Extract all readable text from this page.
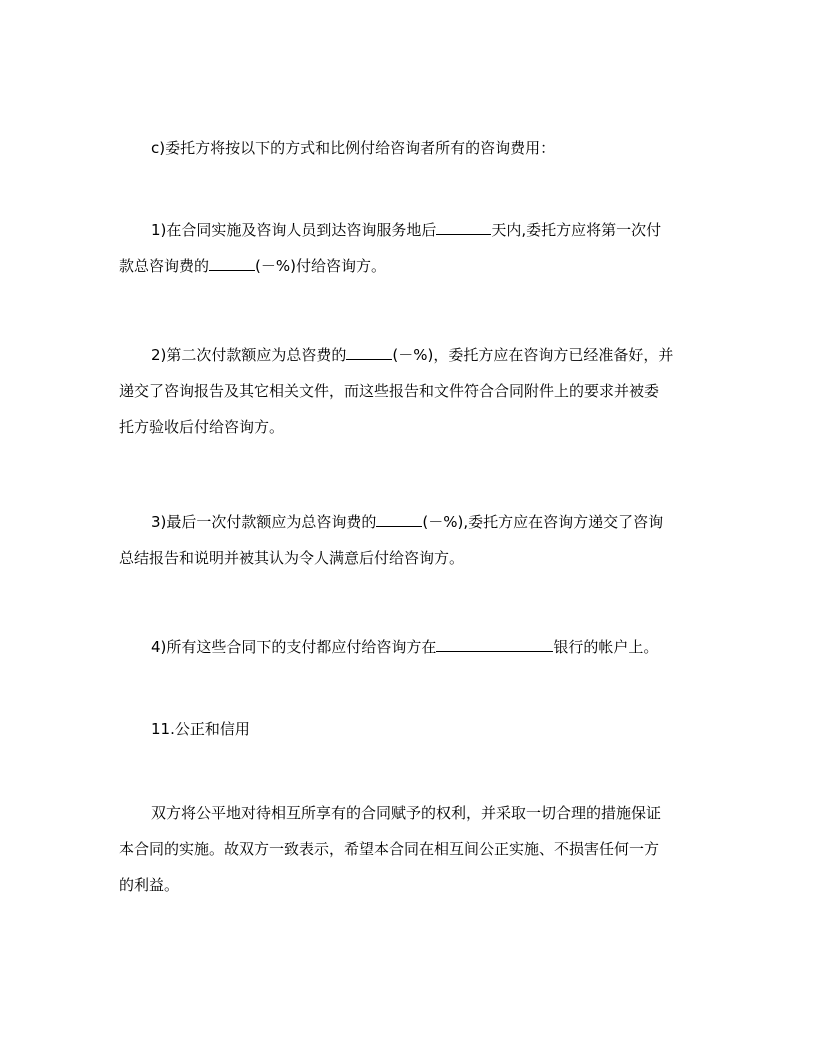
c)委托方将按以下的方式和比例付给咨询者所有的咨询费用：
1)在合同实施及咨询人员到达咨询服务地后	天内,委托方应将第一次付
款总咨询费的	(－%)付给咨询方。
2)第二次付款额应为总咨费的	(－%)，委托方应在咨询方已经准备好，并
递交了咨询报告及其它相关文件，而这些报告和文件符合合同附件上的要求并被委
托方验收后付给咨询方。
3)最后一次付款额应为总咨询费的	(－%),委托方应在咨询方递交了咨询
总结报告和说明并被其认为令人满意后付给咨询方。
4)所有这些合同下的支付都应付给咨询方在	银行的帐户上。
11.公正和信用
双方将公平地对待相互所享有的合同赋予的权利，并采取一切合理的措施保证
本合同的实施。故双方一致表示，希望本合同在相互间公正实施、不损害任何一方
的利益。
